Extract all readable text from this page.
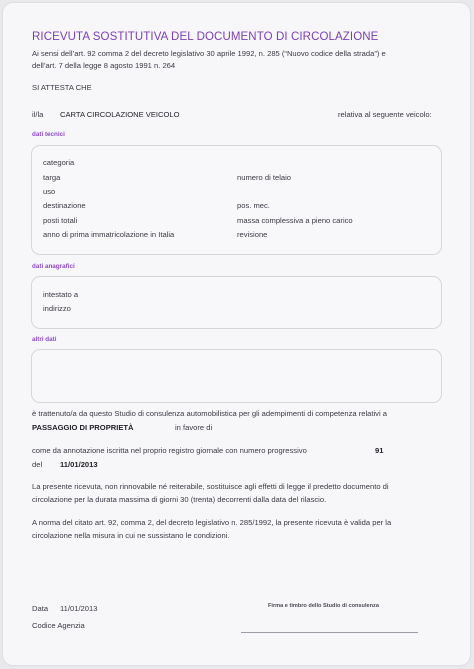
RICEVUTA SOSTITUTIVA DEL DOCUMENTO DI CIRCOLAZIONE
Ai sensi dell’art. 92 comma 2 del decreto legislativo 30 aprile 1992, n. 285 (“Nuovo codice della strada”) e
dell’art. 7 della legge 8 agosto 1991 n. 264
SI ATTESTA CHE
il/la CARTA CIRCOLAZIONE VEICOLO	relativa al seguente veicolo:
dati tecnici
categoria
targa	numero di telaio
uso
destinazione	pos. mec.
posti totali	massa complessiva a pieno carico
anno di prima immatricolazione in Italia	revisione
dati anagrafici
intestato a
indirizzo
altri dati
è trattenuto/a da questo Studio di consulenza automobilistica per gli adempimenti di competenza relativi a
PASSAGGIO DI PROPRIETÀ	in favore di
come da annotazione iscritta nel proprio registro giornale con numero progressivo	91
del 11/01/2013
La presente ricevuta, non rinnovabile né reiterabile, sostituisce agli effetti di legge il predetto documento di
circolazione per la durata massima di giorni 30 (trenta) decorrenti dalla data del rilascio.
A norma del citato art. 92, comma 2, del decreto legislativo n. 285/1992, la presente ricevuta è valida per la
circolazione nella misura in cui ne sussistano le condizioni.
Data 11/01/2013	Firma e timbro dello Studio di consulenza
Codice Agenzia
